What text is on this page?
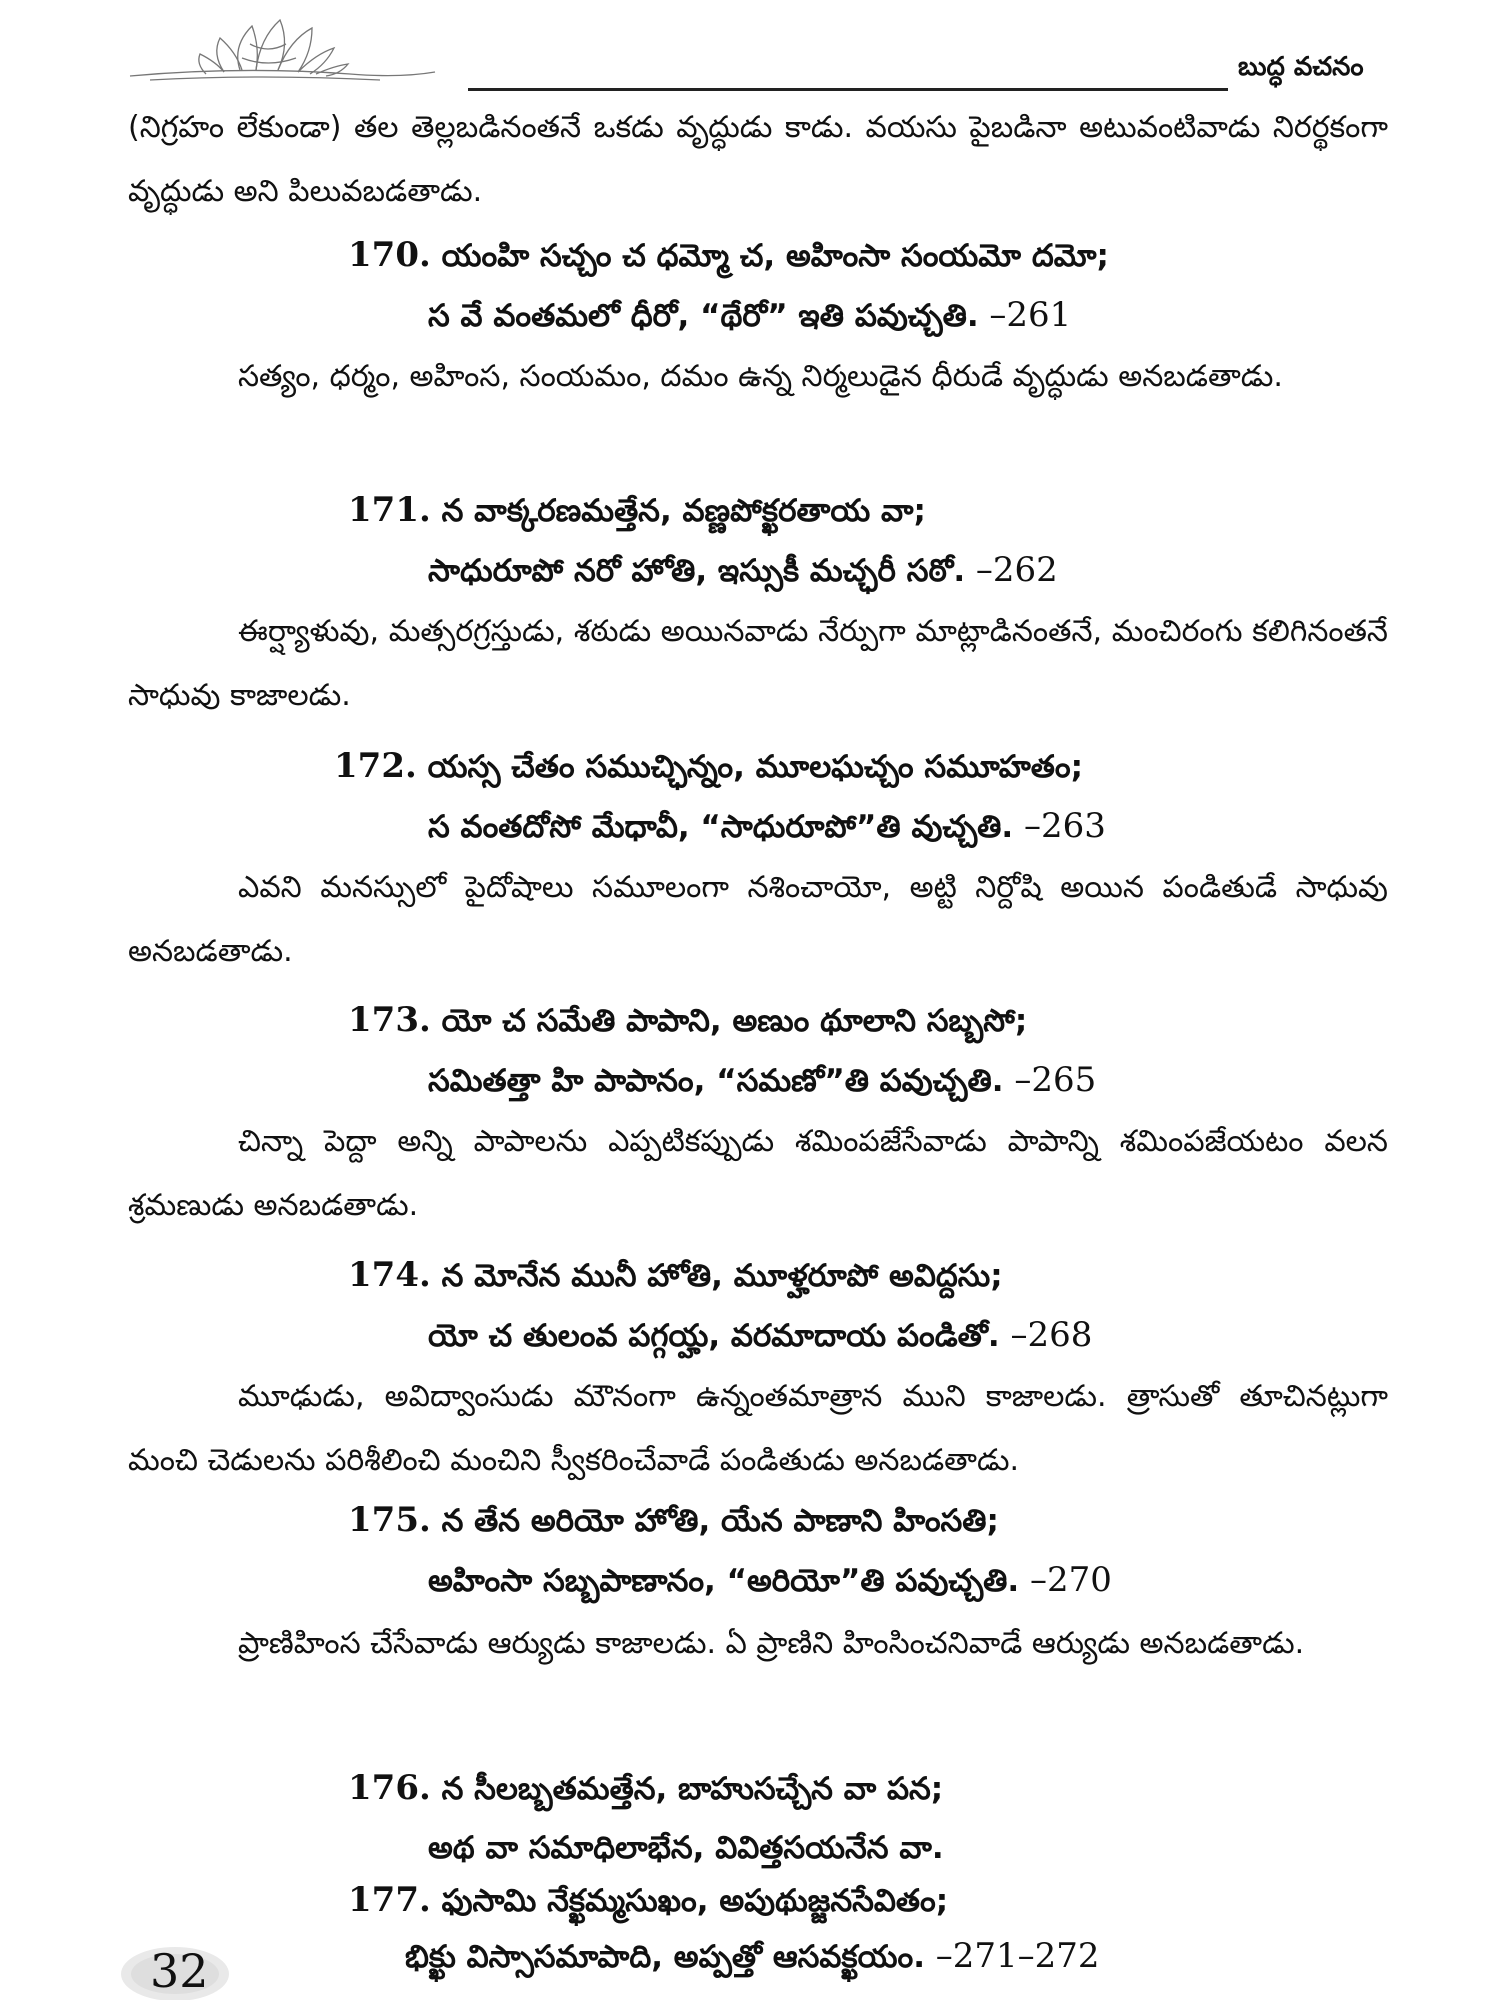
బుద్ధ వచనం
(నిగ్రహం లేకుండా) తల తెల్లబడినంతనే ఒకడు వృద్ధుడు కాడు. వయసు పైబడినా అటువంటివాడు నిరర్థకంగా వృద్ధుడు అని పిలువబడతాడు.
170. యంహి సచ్చం చ ధమ్మో చ, అహింసా సంయమో దమో;
స వే వంతమలో ధీరో, “థేరో” ఇతి పవుచ్చతి. –261
సత్యం, ధర్మం, అహింస, సంయమం, దమం ఉన్న నిర్మలుడైన ధీరుడే వృద్ధుడు అనబడతాడు.
171. న వాక్కరణమత్తేన, వణ్ణపోక్ఖరతాయ వా;
సాధురూపో నరో హోతి, ఇస్సుకీ మచ్ఛరీ సఠో. –262
ఈర్ష్యాళువు, మత్సరగ్రస్తుడు, శఠుడు అయినవాడు నేర్పుగా మాట్లాడినంతనే, మంచిరంగు కలిగినంతనే సాధువు కాజాలడు.
172. యస్స చేతం సముచ్ఛిన్నం, మూలఘచ్చం సమూహతం;
స వంతదోసో మేధావీ, “సాధురూపో”తి వుచ్చతి. –263
ఎవని మనస్సులో పైదోషాలు సమూలంగా నశించాయో, అట్టి నిర్దోషి అయిన పండితుడే సాధువు అనబడతాడు.
173. యో చ సమేతి పాపాని, అణుం థూలాని సబ్బసో;
సమితత్తా హి పాపానం, “సమణో”తి పవుచ్చతి. –265
చిన్నా పెద్దా అన్ని పాపాలను ఎప్పటికప్పుడు శమింపజేసేవాడు పాపాన్ని శమింపజేయటం వలన శ్రమణుడు అనబడతాడు.
174. న మోనేన మునీ హోతి, మూళ్హరూపో అవిద్దసు;
యో చ తులంవ పగ్గయ్హ, వరమాదాయ పండితో. –268
మూఢుడు, అవిద్వాంసుడు మౌనంగా ఉన్నంతమాత్రాన ముని కాజాలడు. త్రాసుతో తూచినట్లుగా మంచి చెడులను పరిశీలించి మంచిని స్వీకరించేవాడే పండితుడు అనబడతాడు.
175. న తేన అరియో హోతి, యేన పాణాని హింసతి;
అహింసా సబ్బపాణానం, “అరియో”తి పవుచ్చతి. –270
ప్రాణిహింస చేసేవాడు ఆర్యుడు కాజాలడు. ఏ ప్రాణిని హింసించనివాడే ఆర్యుడు అనబడతాడు.
176. న సీలబ్బతమత్తేన, బాహుసచ్చేన వా పన;
అథ వా సమాధిలాభేన, వివిత్తసయనేన వా.
177. ఫుసామి నేక్ఖమ్మసుఖం, అపుథుజ్జనసేవితం;
భిక్ఖు విస్సాసమాపాది, అప్పత్తో ఆసవక్ఖయం. –271–272
32
